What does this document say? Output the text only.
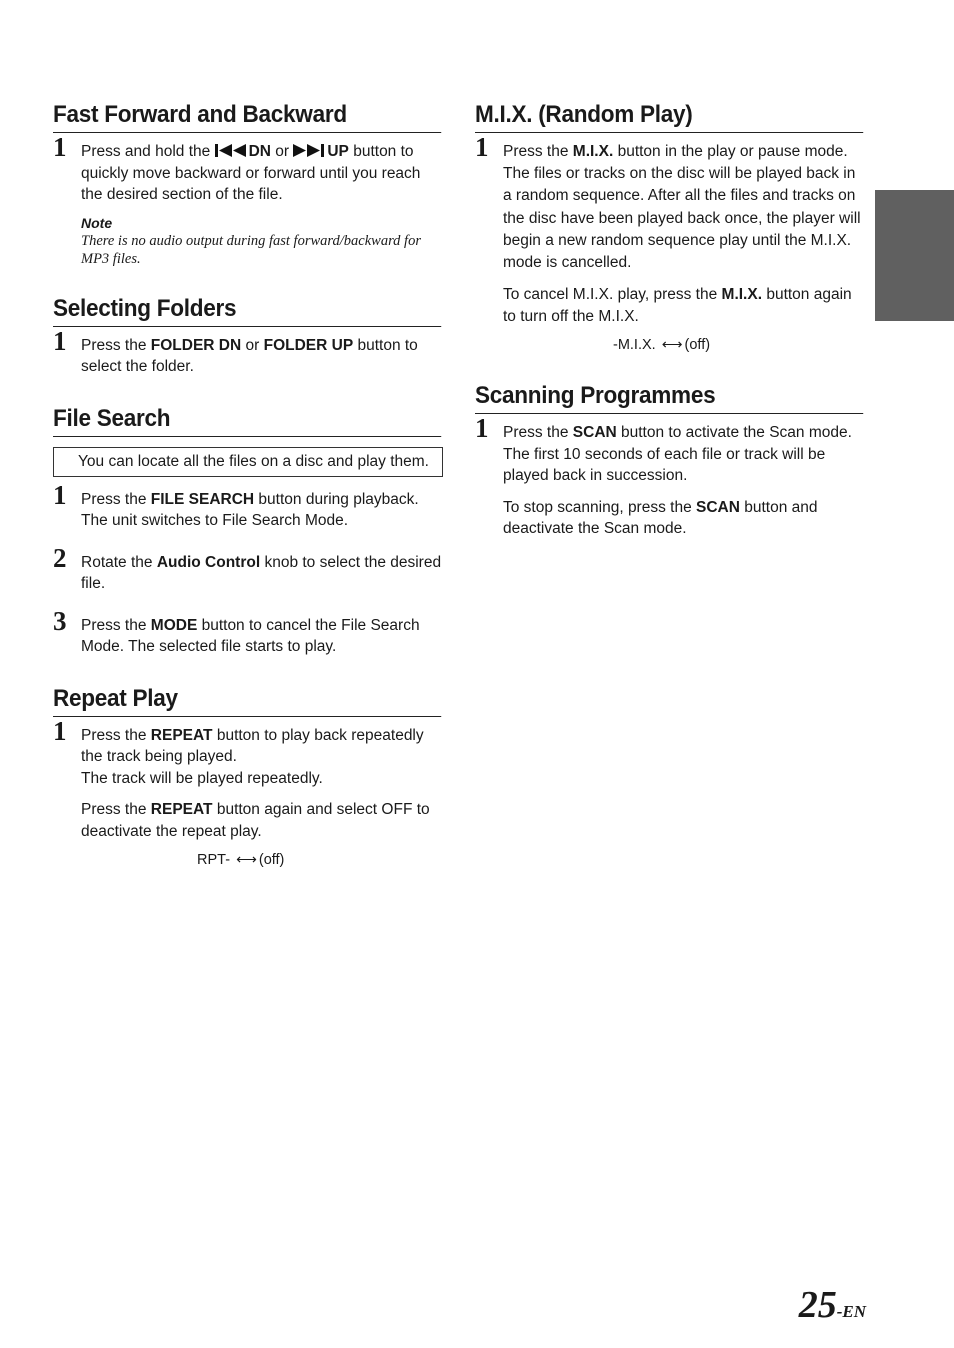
Fast Forward and Backward
1 Press and hold the DN or UP button to quickly move backward or forward until you reach the desired section of the file.

Note
There is no audio output during fast forward/backward for MP3 files.
Selecting Folders
1 Press the FOLDER DN or FOLDER UP button to select the folder.

File Search
You can locate all the files on a disc and play them.
1 Press the FILE SEARCH button during playback. The unit switches to File Search Mode.

2 Rotate the Audio Control knob to select the desired file.

3 Press the MODE button to cancel the File Search Mode. The selected file starts to play.

Repeat Play
1 Press the REPEAT button to play back repeatedly the track being played.

The track will be played repeatedly.

Press the REPEAT button again and select OFF to deactivate the repeat play.

RPT- ⟷ (off)
M.I.X. (Random Play)
1 Press the M.I.X. button in the play or pause mode. The files or tracks on the disc will be played back in a random sequence. After all the files and tracks on the disc have been played back once, the player will begin a new random sequence play until the M.I.X. mode is cancelled.

To cancel M.I.X. play, press the M.I.X. button again to turn off the M.I.X.

-M.I.X. ⟷ (off)
Scanning Programmes
1 Press the SCAN button to activate the Scan mode.

The first 10 seconds of each file or track will be played back in succession.

To stop scanning, press the SCAN button and deactivate the Scan mode.

25-EN
